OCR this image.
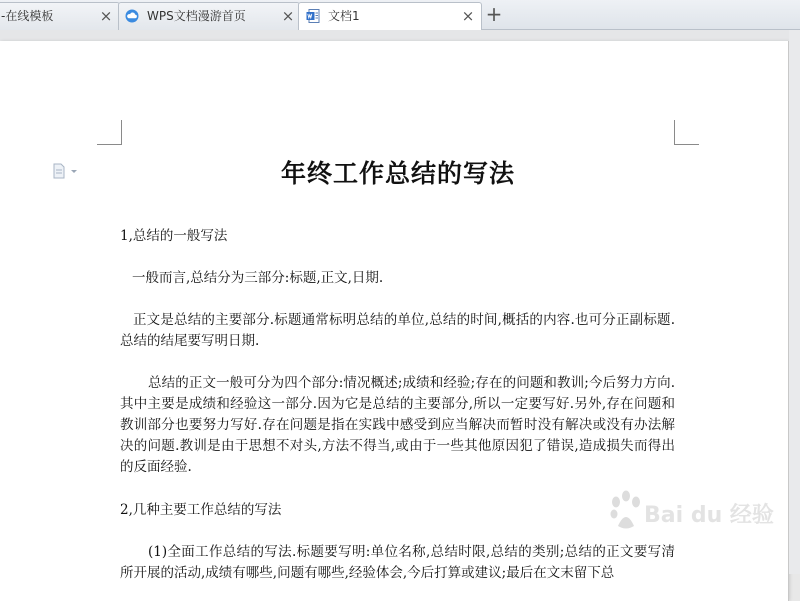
-在线模板	×	WPS文档漫游首页 ×	文档1	× +
年终工作总结的写法

1,总结的一般写法

一般而言,总结分为三部分:标题,正文,日期.

正文是总结的主要部分.标题通常标明总结的单位,总结的时间,概括的内容.也可分正副标题.总结的结尾要写明日期.

总结的正文一般可分为四个部分:情况概述;成绩和经验;存在的问题和教训;今后努力方向.其中主要是成绩和经验这一部分.因为它是总结的主要部分,所以一定要写好.另外,存在问题和教训部分也要努力写好.存在问题是指在实践中感受到应当解决而暂时没有解决或没有办法解决的问题.教训是由于思想不对头,方法不得当,或由于一些其他原因犯了错误,造成损失而得出的反面经验.

2,几种主要工作总结的写法

(1)全面工作总结的写法.标题要写明:单位名称,总结时限,总结的类别;总结的正文要写清所开展的活动,成绩有哪些,问题有哪些,经验体会,今后打算或建议;最后在文末留下总

Bai du 经验
